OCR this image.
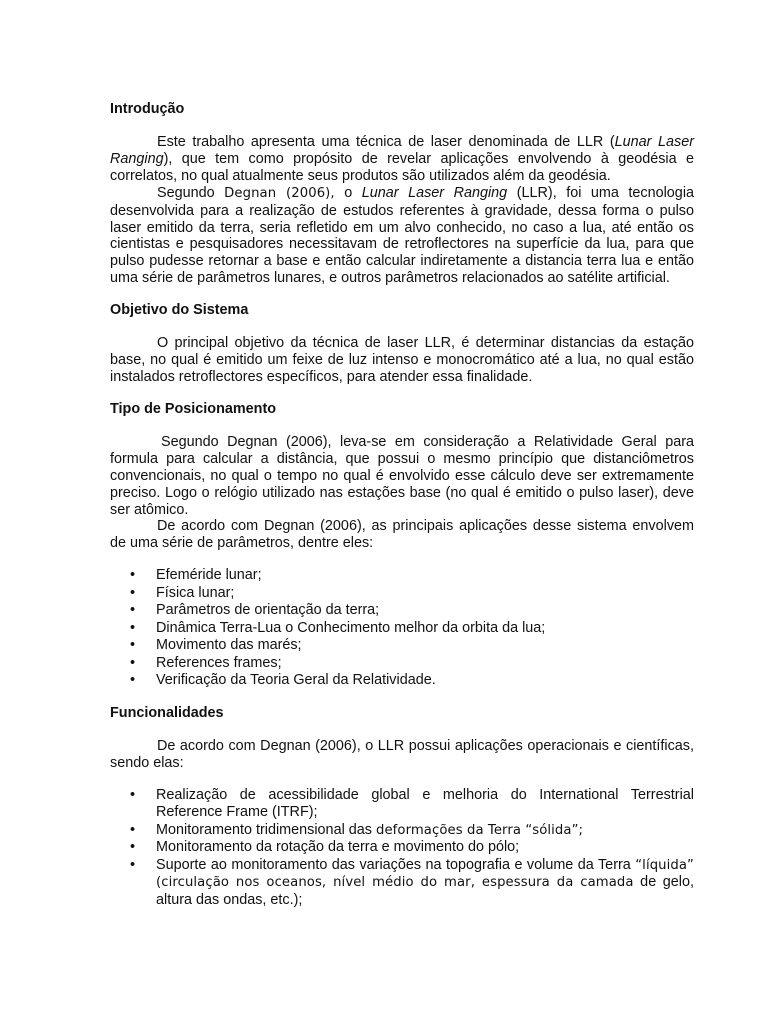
Introdução

Este trabalho apresenta uma técnica de laser denominada de LLR (Lunar Laser Ranging), que tem como propósito de revelar aplicações envolvendo à geodésia e correlatos, no qual atualmente seus produtos são utilizados além da geodésia.

Segundo Degnan (2006), o Lunar Laser Ranging (LLR), foi uma tecnologia desenvolvida para a realização de estudos referentes à gravidade, dessa forma o pulso laser emitido da terra, seria refletido em um alvo conhecido, no caso a lua, até então os cientistas e pesquisadores necessitavam de retroflectores na superfície da lua, para que pulso pudesse retornar a base e então calcular indiretamente a distancia terra lua e então uma série de parâmetros lunares, e outros parâmetros relacionados ao satélite artificial.

Objetivo do Sistema

O principal objetivo da técnica de laser LLR, é determinar distancias da estação base, no qual é emitido um feixe de luz intenso e monocromático até a lua, no qual estão instalados retroflectores específicos, para atender essa finalidade.

Tipo de Posicionamento

Segundo Degnan (2006), leva-se em consideração a Relatividade Geral para formula para calcular a distância, que possui o mesmo princípio que distanciômetros convencionais, no qual o tempo no qual é envolvido esse cálculo deve ser extremamente preciso. Logo o relógio utilizado nas estações base (no qual é emitido o pulso laser), deve ser atômico.

De acordo com Degnan (2006), as principais aplicações desse sistema envolvem de uma série de parâmetros, dentre eles:

• Efeméride lunar;
• Física lunar;
• Parâmetros de orientação da terra;
• Dinâmica Terra-Lua o Conhecimento melhor da orbita da lua;
• Movimento das marés;
• References frames;
• Verificação da Teoria Geral da Relatividade.
Funcionalidades

De acordo com Degnan (2006), o LLR possui aplicações operacionais e científicas, sendo elas:

• Realização de acessibilidade global e melhoria do International Terrestrial Reference Frame (ITRF);
• Monitoramento tridimensional das deformações da Terra “sólida”;
• Monitoramento da rotação da terra e movimento do pólo;
• Suporte ao monitoramento das variações na topografia e volume da Terra “líquida” (circulação nos oceanos, nível médio do mar, espessura da camada de gelo, altura das ondas, etc.);
